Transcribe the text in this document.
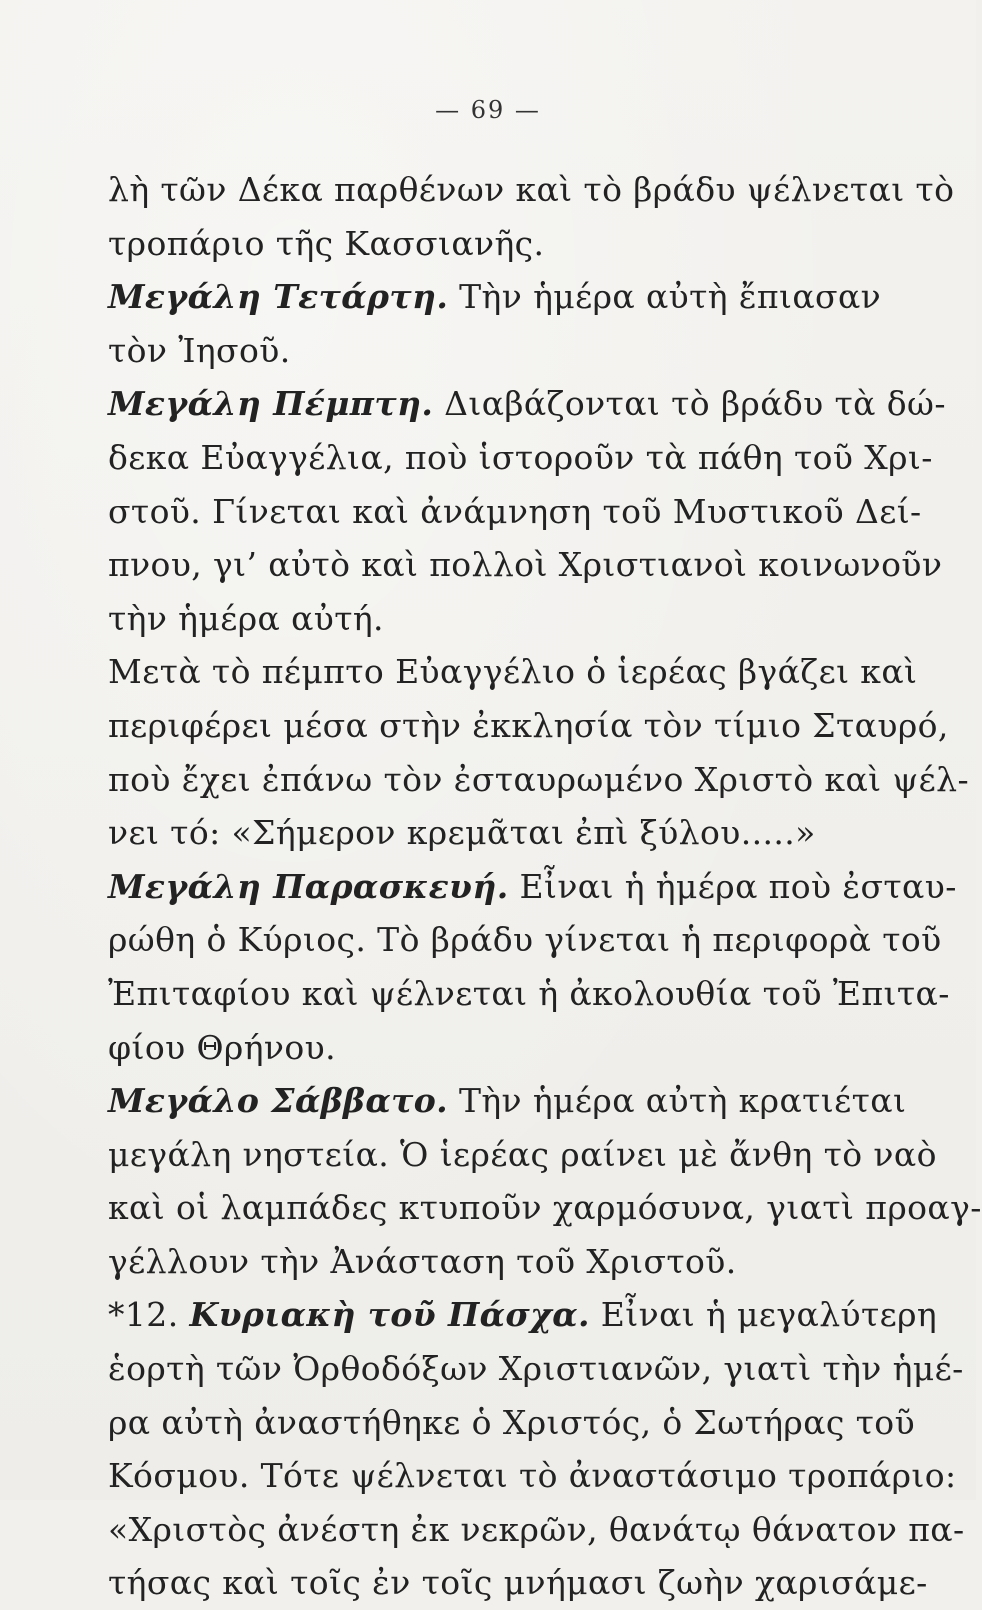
— 69 —
λὴ τῶν Δέκα παρθένων καὶ τὸ βράδυ ψέλνεται τὸ
τροπάριο τῆς Κασσιανῆς.
Μεγάλη Τετάρτη. Τὴν ἡμέρα αὐτὴ ἔπιασαν
τὸν Ἰησοῦ.
Μεγάλη Πέμπτη. Διαβάζονται τὸ βράδυ τὰ δώ-
δεκα Εὐαγγέλια, ποὺ ἱστοροῦν τὰ πάθη τοῦ Χρι-
στοῦ. Γίνεται καὶ ἀνάμνηση τοῦ Μυστικοῦ Δεί-
πνου, γι’ αὐτὸ καὶ πολλοὶ Χριστιανοὶ κοινωνοῦν
τὴν ἡμέρα αὐτή.
Μετὰ τὸ πέμπτο Εὐαγγέλιο ὁ ἱερέας βγάζει καὶ
περιφέρει μέσα στὴν ἐκκλησία τὸν τίμιο Σταυρό,
ποὺ ἔχει ἐπάνω τὸν ἐσταυρωμένο Χριστὸ καὶ ψέλ-
νει τό: «Σήμερον κρεμᾶται ἐπὶ ξύλου.....»
Μεγάλη Παρασκευή. Εἶναι ἡ ἡμέρα ποὺ ἐσταυ-
ρώθη ὁ Κύριος. Τὸ βράδυ γίνεται ἡ περιφορὰ τοῦ
Ἐπιταφίου καὶ ψέλνεται ἡ ἀκολουθία τοῦ Ἐπιτα-
φίου Θρήνου.
Μεγάλο Σάββατο. Τὴν ἡμέρα αὐτὴ κρατιέται
μεγάλη νηστεία. Ὁ ἱερέας ραίνει μὲ ἄνθη τὸ ναὸ
καὶ οἱ λαμπάδες κτυποῦν χαρμόσυνα, γιατὶ προαγ-
γέλλουν τὴν Ἀνάσταση τοῦ Χριστοῦ.
*12. Κυριακὴ τοῦ Πάσχα. Εἶναι ἡ μεγαλύτερη
ἑορτὴ τῶν Ὀρθοδόξων Χριστιανῶν, γιατὶ τὴν ἡμέ-
ρα αὐτὴ ἀναστήθηκε ὁ Χριστός, ὁ Σωτήρας τοῦ
Κόσμου. Τότε ψέλνεται τὸ ἀναστάσιμο τροπάριο:
«Χριστὸς ἀνέστη ἐκ νεκρῶν, θανάτῳ θάνατον πα-
τήσας καὶ τοῖς ἐν τοῖς μνήμασι ζωὴν χαρισάμε-
